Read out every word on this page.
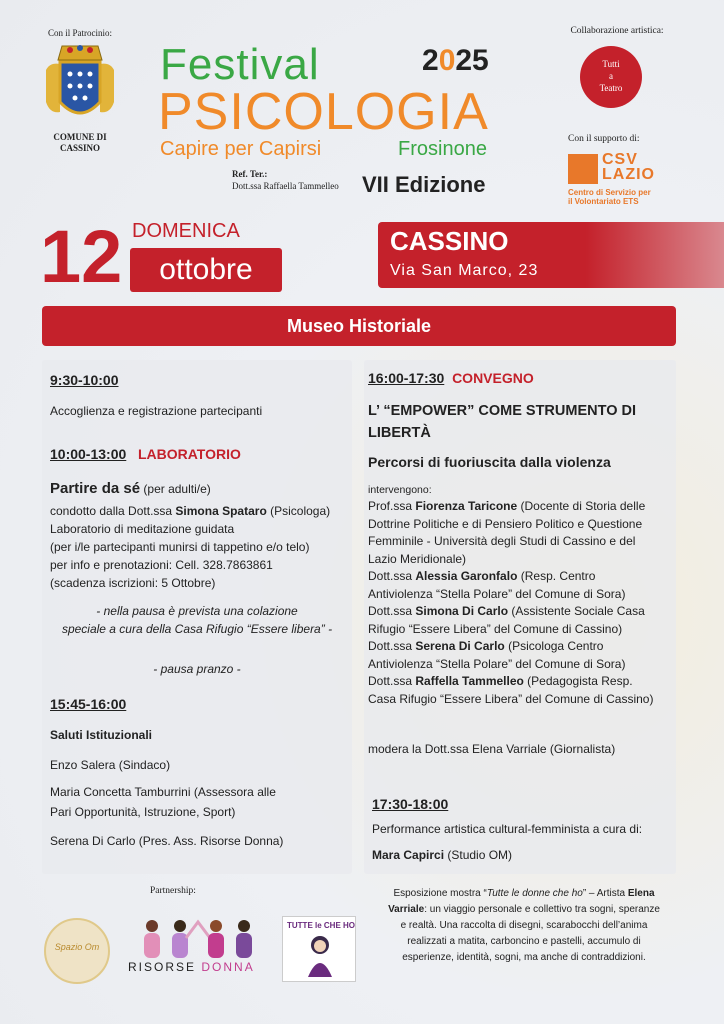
Con il Patrocinio:
COMUNE DI
CASSINO
Festival	2025
PSICOLOGIA
Capire per Capirsi	Frosinone
Ref. Ter.:
Dott.ssa Raffaella Tammelleo VII Edizione
Collaborazione artistica:
Tutti
a
Teatro
Con il supporto di:
CSV
LAZIO
Centro di Servizio per
il Volontariato ETS
12 DOMENICA
ottobre
CASSINO
Via San Marco, 23
Museo Historiale
9:30-10:00
Accoglienza e registrazione partecipanti
10:00-13:00 LABORATORIO
Partire da sé (per adulti/e)
condotto dalla Dott.ssa Simona Spataro (Psicologa)
Laboratorio di meditazione guidata
(per i/le partecipanti munirsi di tappetino e/o telo)
per info e prenotazioni: Cell. 328.7863861
(scadenza iscrizioni: 5 Ottobre)
- nella pausa è prevista una colazione
speciale a cura della Casa Rifugio “Essere libera” -
- pausa pranzo -
15:45-16:00
Saluti Istituzionali
Enzo Salera (Sindaco)
Maria Concetta Tamburrini (Assessora alle
Pari Opportunità, Istruzione, Sport)
Serena Di Carlo (Pres. Ass. Risorse Donna)
16:00-17:30 CONVEGNO
L’ “EMPOWER” COME STRUMENTO DI
LIBERTÀ
Percorsi di fuoriuscita dalla violenza
intervengono:
Prof.ssa Fiorenza Taricone (Docente di Storia delle
Dottrine Politiche e di Pensiero Politico e Questione
Femminile - Università degli Studi di Cassino e del
Lazio Meridionale)
Dott.ssa Alessia Garonfalo (Resp. Centro
Antiviolenza “Stella Polare” del Comune di Sora)
Dott.ssa Simona Di Carlo (Assistente Sociale Casa
Rifugio “Essere Libera” del Comune di Cassino)
Dott.ssa Serena Di Carlo (Psicologa Centro
Antiviolenza “Stella Polare” del Comune di Sora)
Dott.ssa Raffella Tammelleo (Pedagogista Resp.
Casa Rifugio “Essere Libera” del Comune di Cassino)
modera la Dott.ssa Elena Varriale (Giornalista)
17:30-18:00
Performance artistica cultural-femminista a cura di:
Mara Capirci (Studio OM)
Partnership:
Spazio Om
RISORSE DONNA
TUTTE le CHE HO
Esposizione mostra “Tutte le donne che ho” – Artista Elena
Varriale: un viaggio personale e collettivo tra sogni, speranze
e realtà. Una raccolta di disegni, scarabocchi dell’anima
realizzati a matita, carboncino e pastelli, accumulo di
esperienze, identità, sogni, ma anche di contraddizioni.
